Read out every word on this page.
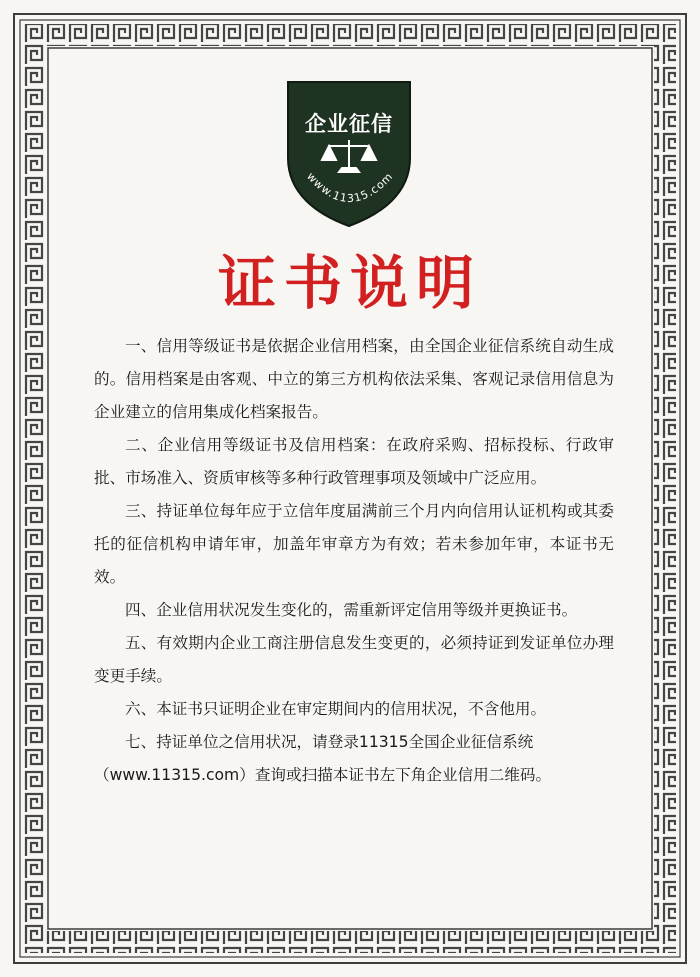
www.11315.com
企业征信
证书说明

一、信用等级证书是依据企业信用档案，由全国企业征信系统自动生成的。信用档案是由客观、中立的第三方机构依法采集、客观记录信用信息为企业建立的信用集成化档案报告。

二、企业信用等级证书及信用档案：在政府采购、招标投标、行政审批、市场准入、资质审核等多种行政管理事项及领域中广泛应用。

三、持证单位每年应于立信年度届满前三个月内向信用认证机构或其委托的征信机构申请年审，加盖年审章方为有效；若未参加年审，本证书无效。

四、企业信用状况发生变化的，需重新评定信用等级并更换证书。

五、有效期内企业工商注册信息发生变更的，必须持证到发证单位办理变更手续。

六、本证书只证明企业在审定期间内的信用状况，不含他用。

七、持证单位之信用状况，请登录11315全国企业征信系统

（www.11315.com）查询或扫描本证书左下角企业信用二维码。
